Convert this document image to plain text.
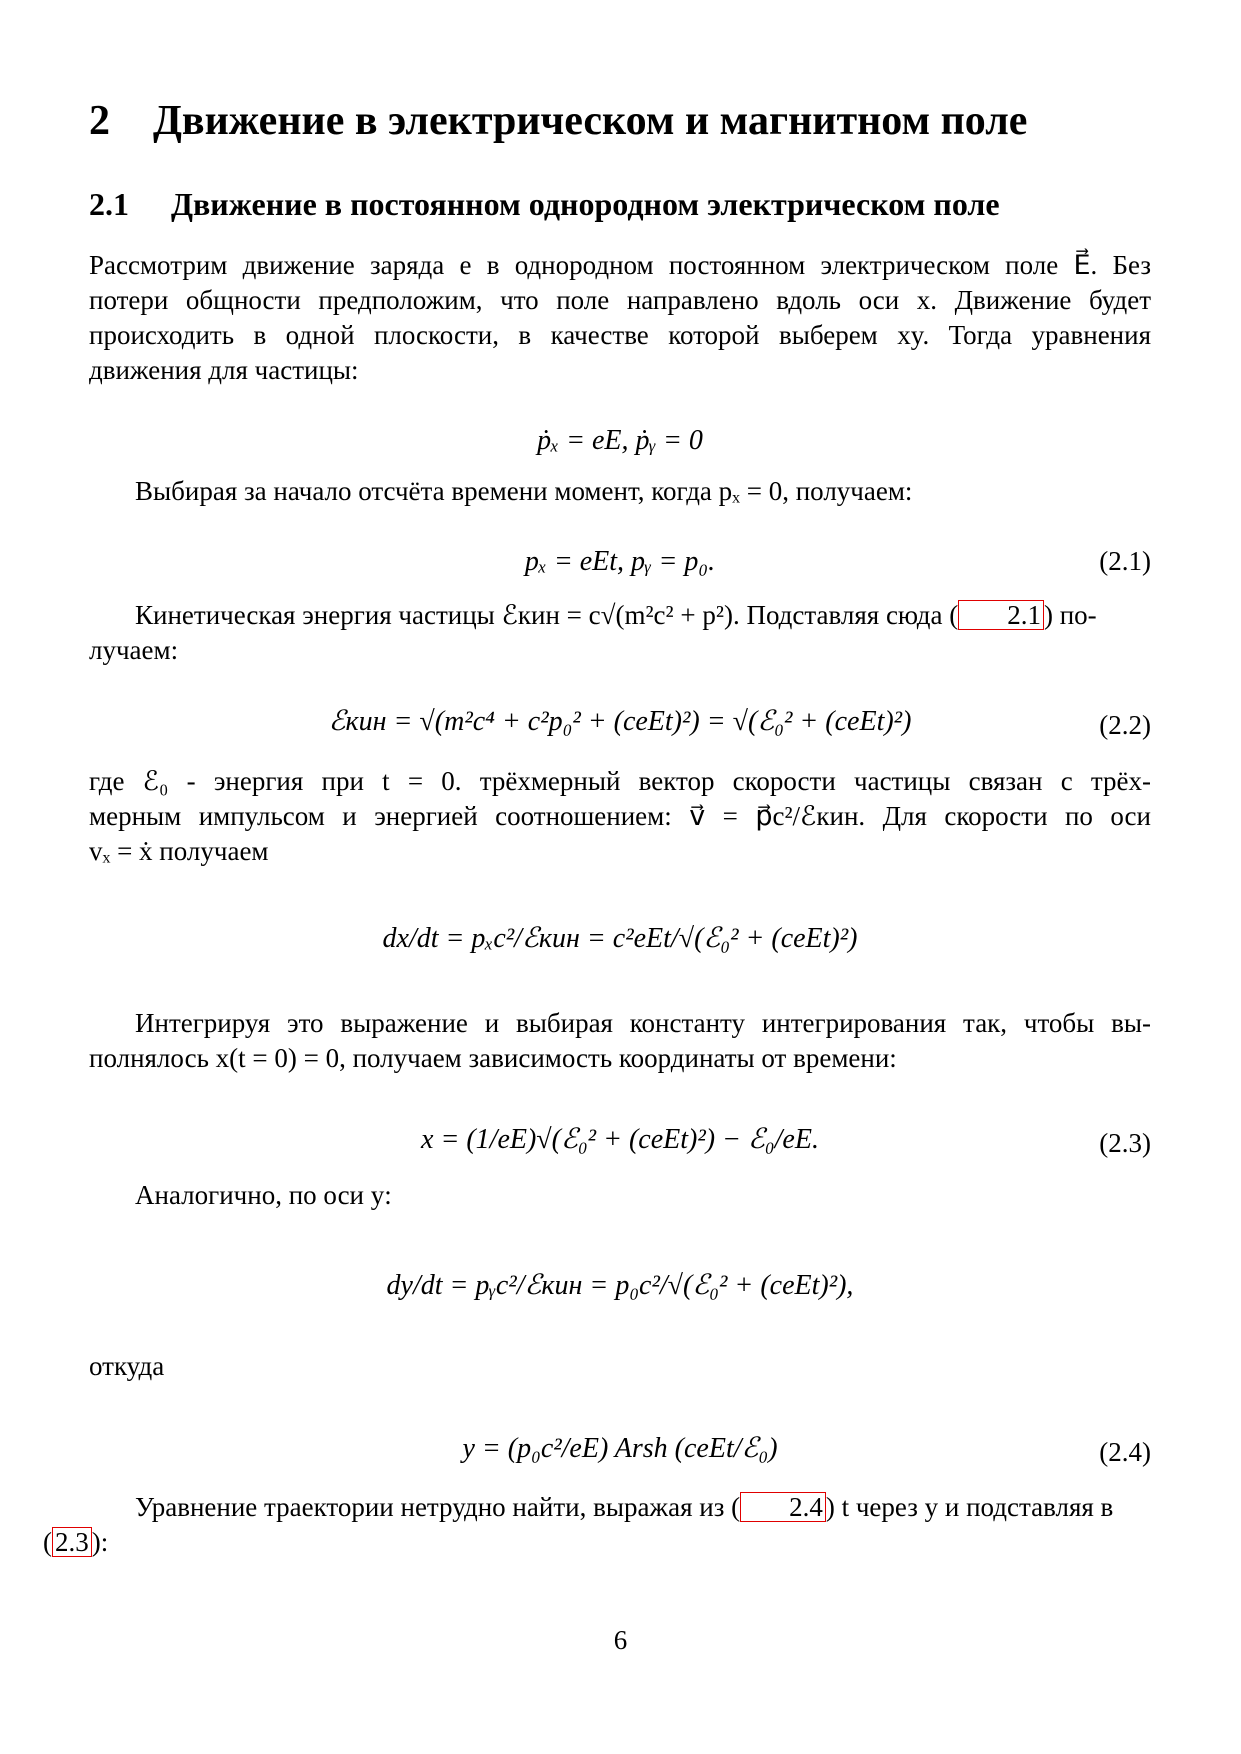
2 Движение в электрическом и магнитном поле
2.1 Движение в постоянном однородном электрическом поле
Рассмотрим движение заряда e в однородном постоянном электрическом поле E⃗. Без
потери общности предположим, что поле направлено вдоль оси x. Движение будет
происходить в одной плоскости, в качестве которой выберем xy. Тогда уравнения
движения для частицы:
ṗₓ = eE, ṗᵧ = 0
Выбирая за начало отсчёта времени момент, когда pₓ = 0, получаем:
pₓ = eEt, pᵧ = p₀.	(2.1)
Кинетическая энергия частицы ℰкин = c√(m²c² + p²). Подставляя сюда ( 2.1 ) по-
лучаем:
ℰкин = √(m²c⁴ + c²p₀² + (ceEt)²) = √(ℰ₀² + (ceEt)²)	(2.2)
где ℰ₀ - энергия при t = 0. трёхмерный вектор скорости частицы связан с трёх-
мерным импульсом и энергией соотношением: v⃗ = p⃗c²/ℰкин. Для скорости по оси
vₓ = ẋ получаем
dx/dt = pₓc²/ℰкин = c²eEt/√(ℰ₀² + (ceEt)²)
Интегрируя это выражение и выбирая константу интегрирования так, чтобы вы-
полнялось x(t = 0) = 0, получаем зависимость координаты от времени:
x = (1/eE)√(ℰ₀² + (ceEt)²) − ℰ₀/eE.	(2.3)
Аналогично, по оси y:
dy/dt = pᵧc²/ℰкин = p₀c²/√(ℰ₀² + (ceEt)²),
откуда
y = (p₀c²/eE) Arsh (ceEt/ℰ₀)	(2.4)
Уравнение траектории нетрудно найти, выражая из ( 2.4 ) t через y и подставляя в
( 2.3 ):
6
